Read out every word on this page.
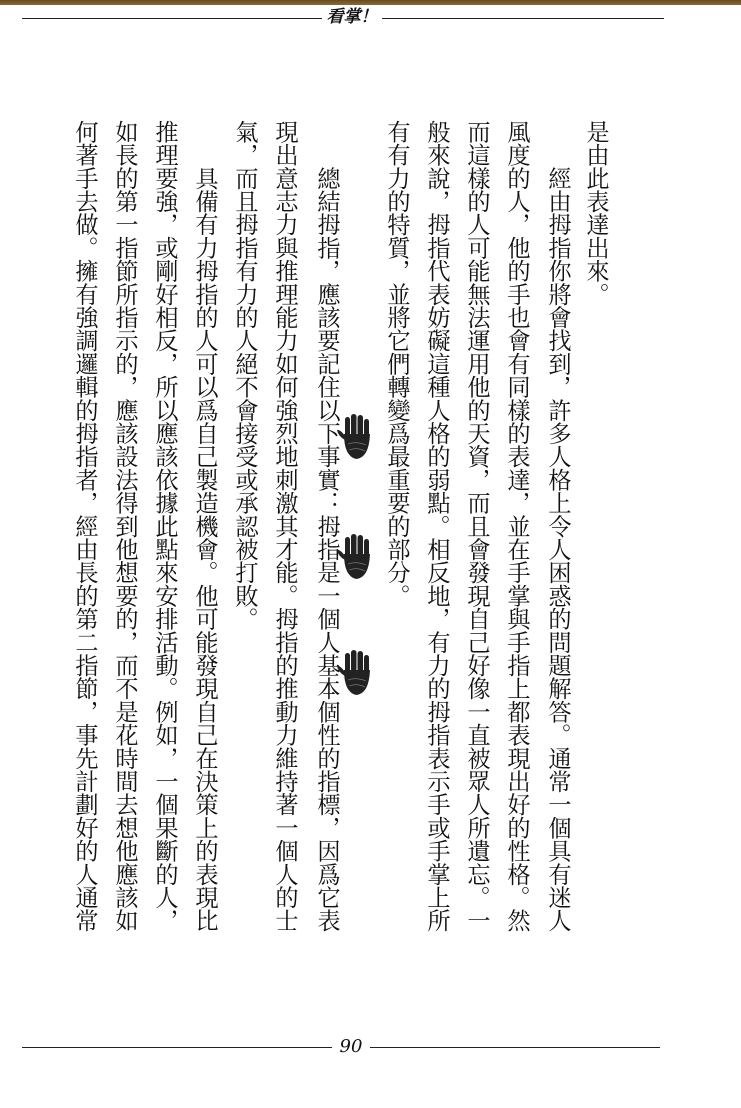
看掌！
是由此表達出來。
　　經由拇指你將會找到，許多人格上令人困惑的問題解答。通常一個具有迷人
風度的人，他的手也會有同樣的表達，並在手掌與手指上都表現出好的性格。然
而這樣的人可能無法運用他的天資，而且會發現自己好像一直被眾人所遺忘。一
般來說，拇指代表妨礙這種人格的弱點。相反地，有力的拇指表示手或手掌上所
有有力的特質，並將它們轉變爲最重要的部分。
　　總結拇指，應該要記住以下事實：拇指是一個人基本個性的指標，因爲它表
現出意志力與推理能力如何強烈地刺激其才能。拇指的推動力維持著一個人的士
氣，而且拇指有力的人絕不會接受或承認被打敗。
　　具備有力拇指的人可以爲自己製造機會。他可能發現自己在決策上的表現比
推理要強，或剛好相反，所以應該依據此點來安排活動。例如，一個果斷的人，
如長的第一指節所指示的，應該設法得到他想要的，而不是花時間去想他應該如
何著手去做。擁有強調邏輯的拇指者，經由長的第二指節，事先計劃好的人通常
90
